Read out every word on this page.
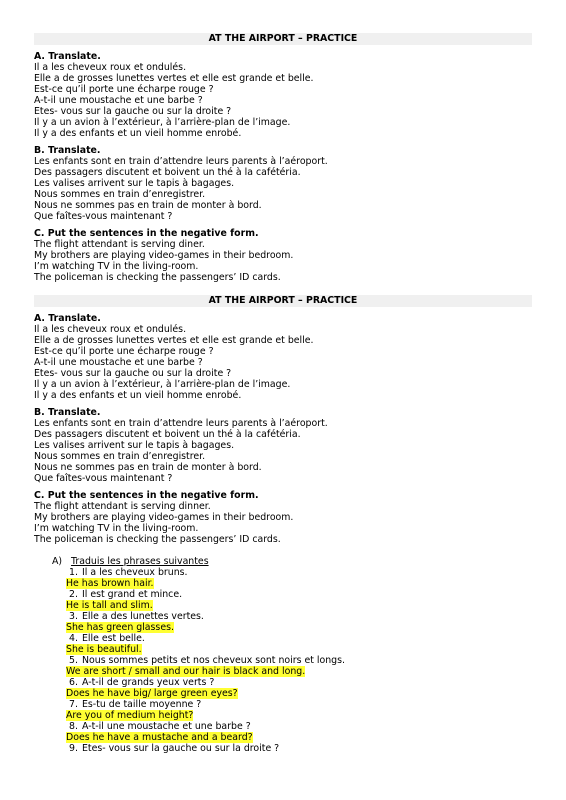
AT THE AIRPORT – PRACTICE
A. Translate.
Il a les cheveux roux et ondulés.
Elle a de grosses lunettes vertes et elle est grande et belle.
Est-ce qu’il porte une écharpe rouge ?
A-t-il une moustache et une barbe ?
Etes- vous sur la gauche ou sur la droite ?
Il y a un avion à l’extérieur, à l’arrière-plan de l’image.
Il y a des enfants et un vieil homme enrobé.
B. Translate.
Les enfants sont en train d’attendre leurs parents à l’aéroport.
Des passagers discutent et boivent un thé à la cafétéria.
Les valises arrivent sur le tapis à bagages.
Nous sommes en train d’enregistrer.
Nous ne sommes pas en train de monter à bord.
Que faîtes-vous maintenant ?
C. Put the sentences in the negative form.
The flight attendant is serving diner.
My brothers are playing video-games in their bedroom.
I’m watching TV in the living-room.
The policeman is checking the passengers’ ID cards.
AT THE AIRPORT – PRACTICE
A. Translate.
Il a les cheveux roux et ondulés.
Elle a de grosses lunettes vertes et elle est grande et belle.
Est-ce qu’il porte une écharpe rouge ?
A-t-il une moustache et une barbe ?
Etes- vous sur la gauche ou sur la droite ?
Il y a un avion à l’extérieur, à l’arrière-plan de l’image.
Il y a des enfants et un vieil homme enrobé.
B. Translate.
Les enfants sont en train d’attendre leurs parents à l’aéroport.
Des passagers discutent et boivent un thé à la cafétéria.
Les valises arrivent sur le tapis à bagages.
Nous sommes en train d’enregistrer.
Nous ne sommes pas en train de monter à bord.
Que faîtes-vous maintenant ?
C. Put the sentences in the negative form.
The flight attendant is serving dinner.
My brothers are playing video-games in their bedroom.
I’m watching TV in the living-room.
The policeman is checking the passengers’ ID cards.
A) Traduis les phrases suivantes
1. Il a les cheveux bruns.
He has brown hair.
2. Il est grand et mince.
He is tall and slim.
3. Elle a des lunettes vertes.
She has green glasses.
4. Elle est belle.
She is beautiful.
5. Nous sommes petits et nos cheveux sont noirs et longs.
We are short / small and our hair is black and long.
6. A-t-il de grands yeux verts ?
Does he have big/ large green eyes?
7. Es-tu de taille moyenne ?
Are you of medium height?
8. A-t-il une moustache et une barbe ?
Does he have a mustache and a beard?
9. Etes- vous sur la gauche ou sur la droite ?
